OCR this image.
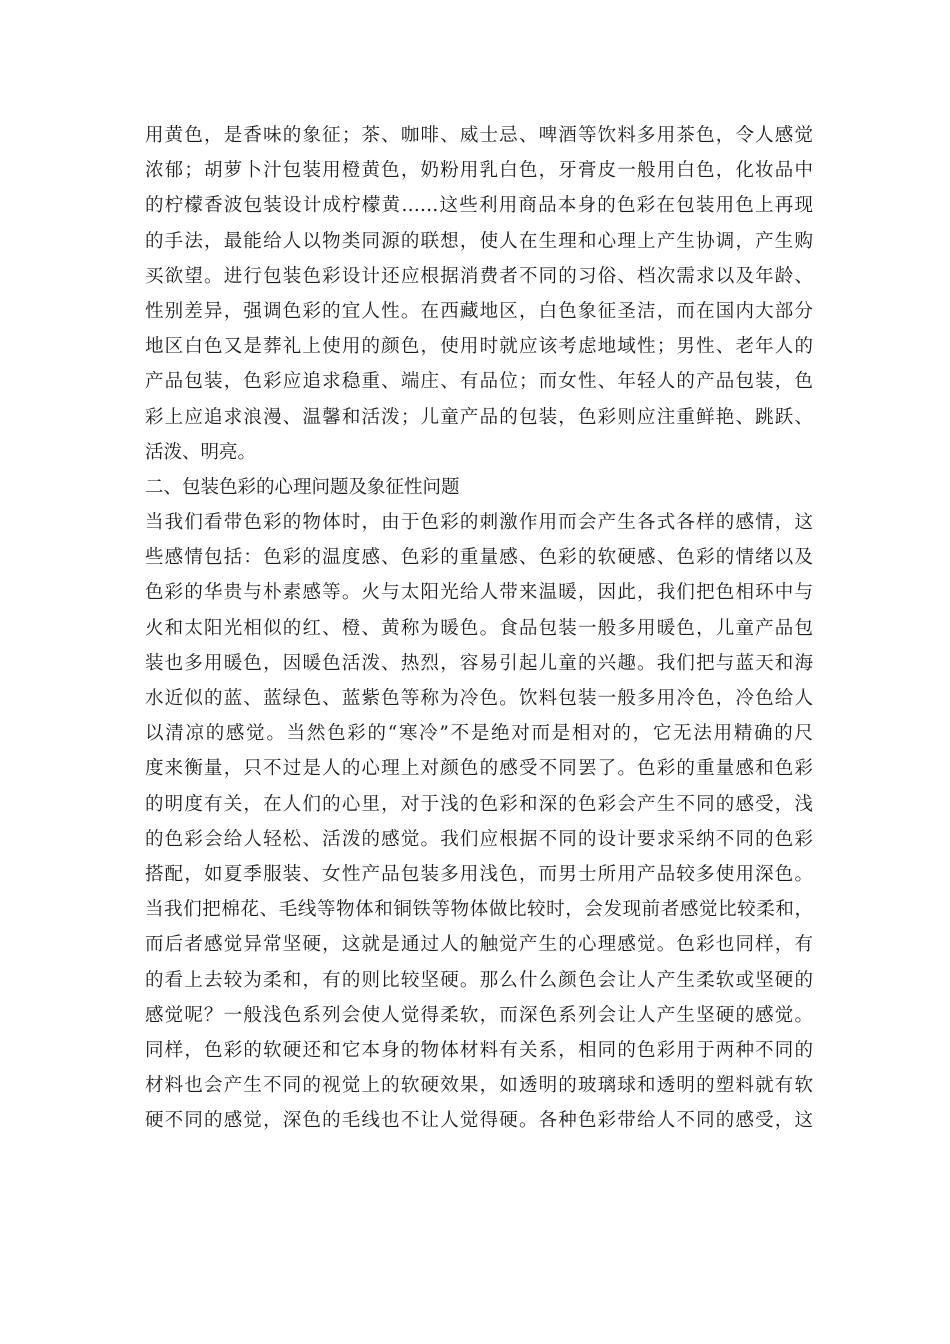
用黄色，是香味的象征；茶、咖啡、威士忌、啤酒等饮料多用茶色，令人感觉
浓郁；胡萝卜汁包装用橙黄色，奶粉用乳白色，牙膏皮一般用白色，化妆品中
的柠檬香波包装设计成柠檬黄……这些利用商品本身的色彩在包装用色上再现
的手法，最能给人以物类同源的联想，使人在生理和心理上产生协调，产生购
买欲望。进行包装色彩设计还应根据消费者不同的习俗、档次需求以及年龄、
性别差异，强调色彩的宜人性。在西藏地区，白色象征圣洁，而在国内大部分
地区白色又是葬礼上使用的颜色，使用时就应该考虑地域性；男性、老年人的
产品包装，色彩应追求稳重、端庄、有品位；而女性、年轻人的产品包装，色
彩上应追求浪漫、温馨和活泼；儿童产品的包装，色彩则应注重鲜艳、跳跃、
活泼、明亮。
二、包装色彩的心理问题及象征性问题
当我们看带色彩的物体时，由于色彩的刺激作用而会产生各式各样的感情，这
些感情包括：色彩的温度感、色彩的重量感、色彩的软硬感、色彩的情绪以及
色彩的华贵与朴素感等。火与太阳光给人带来温暖，因此，我们把色相环中与
火和太阳光相似的红、橙、黄称为暖色。食品包装一般多用暖色，儿童产品包
装也多用暖色，因暖色活泼、热烈，容易引起儿童的兴趣。我们把与蓝天和海
水近似的蓝、蓝绿色、蓝紫色等称为冷色。饮料包装一般多用冷色，冷色给人
以清凉的感觉。当然色彩的“寒冷”不是绝对而是相对的，它无法用精确的尺
度来衡量，只不过是人的心理上对颜色的感受不同罢了。色彩的重量感和色彩
的明度有关，在人们的心里，对于浅的色彩和深的色彩会产生不同的感受，浅
的色彩会给人轻松、活泼的感觉。我们应根据不同的设计要求采纳不同的色彩
搭配，如夏季服装、女性产品包装多用浅色，而男士所用产品较多使用深色。
当我们把棉花、毛线等物体和铜铁等物体做比较时，会发现前者感觉比较柔和，
而后者感觉异常坚硬，这就是通过人的触觉产生的心理感觉。色彩也同样，有
的看上去较为柔和，有的则比较坚硬。那么什么颜色会让人产生柔软或坚硬的
感觉呢？一般浅色系列会使人觉得柔软，而深色系列会让人产生坚硬的感觉。
同样，色彩的软硬还和它本身的物体材料有关系，相同的色彩用于两种不同的
材料也会产生不同的视觉上的软硬效果，如透明的玻璃球和透明的塑料就有软
硬不同的感觉，深色的毛线也不让人觉得硬。各种色彩带给人不同的感受，这
